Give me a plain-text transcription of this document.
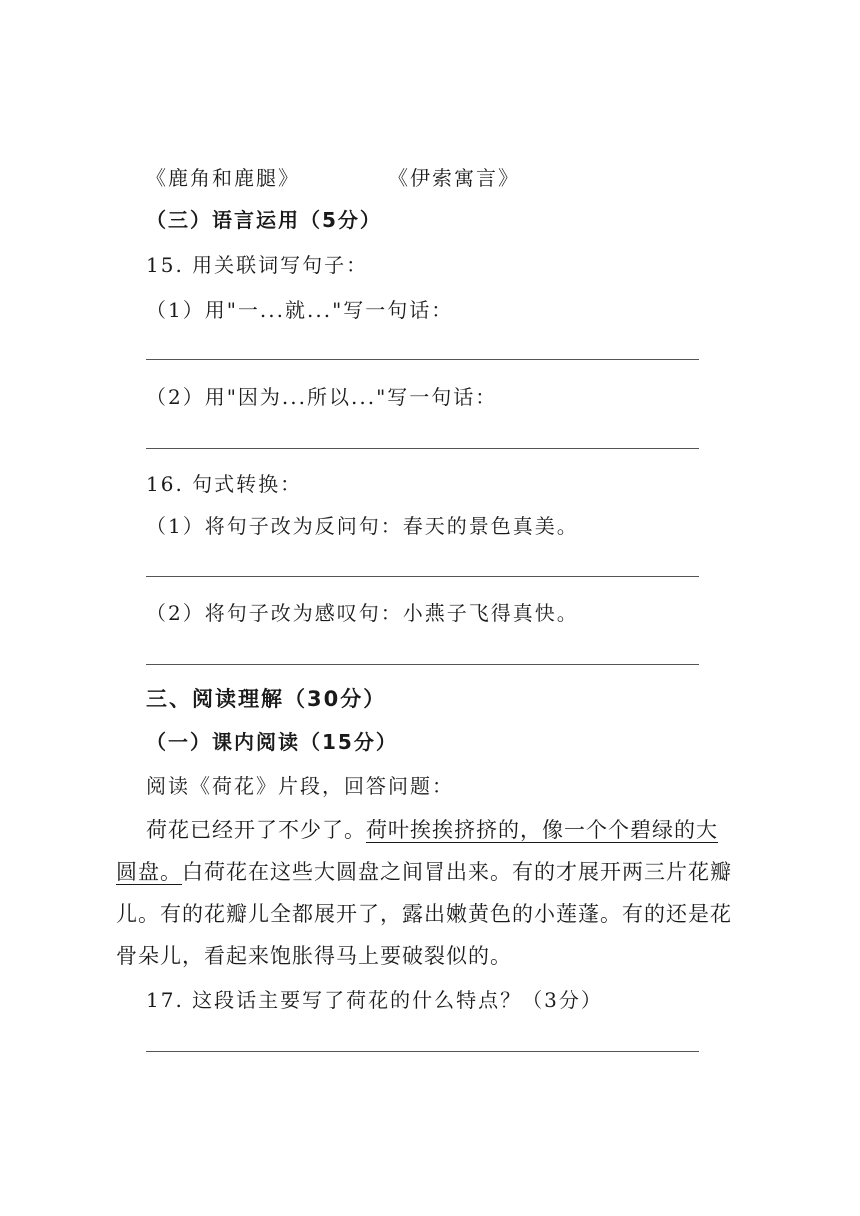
《鹿角和鹿腿》	《伊索寓言》
（三）语言运用（5分）
15. 用关联词写句子：
（1）用"一...就..."写一句话：
（2）用"因为...所以..."写一句话：
16. 句式转换：
（1）将句子改为反问句：春天的景色真美。
（2）将句子改为感叹句：小燕子飞得真快。
三、阅读理解（30分）
（一）课内阅读（15分）
阅读《荷花》片段，回答问题：
荷花已经开了不少了。荷叶挨挨挤挤的，像一个个碧绿的大
圆盘。白荷花在这些大圆盘之间冒出来。有的才展开两三片花瓣
儿。有的花瓣儿全都展开了，露出嫩黄色的小莲蓬。有的还是花
骨朵儿，看起来饱胀得马上要破裂似的。
17. 这段话主要写了荷花的什么特点？（3分）
